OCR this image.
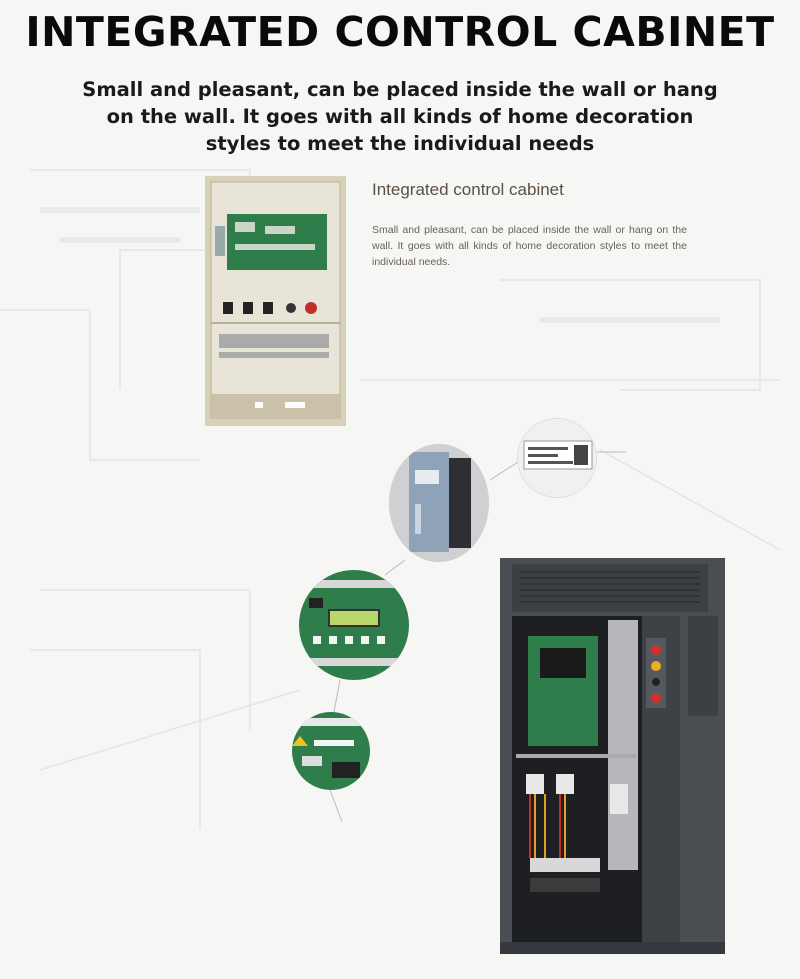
INTEGRATED CONTROL CABINET
Small and pleasant, can be placed inside the wall or hang
on the wall. It goes with all kinds of home decoration
styles to meet the individual needs
Integrated control cabinet
Small and pleasant, can be placed inside the wall or hang on the wall. It goes with all kinds of home decoration styles to meet the individual needs.
